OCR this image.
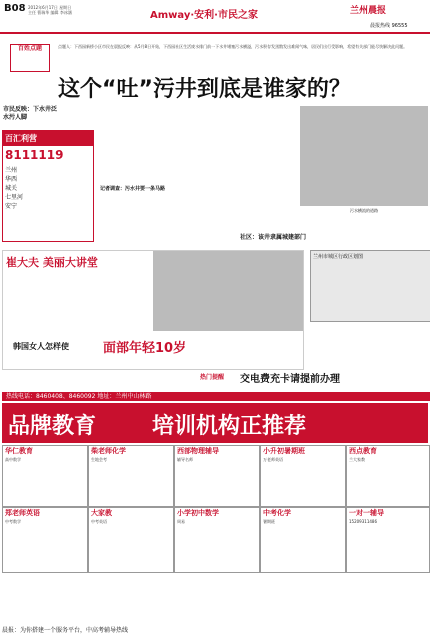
B08 2012年6月17日 星期日
主任 曹瑞华 编辑 李冰涵	Amway·安利·市民之家	兰州晨报
晨报热线 96555
百姓点题	点题人：下西园新桥小区市民在晨报反映：从5月8日开始，下西园社区生活废水排门前一下水井堵塞污水横溢，污水积存发黑散发出难闻气味，居民们出行受影响，希望有关部门能尽快解决此问题。
这个“吐”污井到底是谁家的？
市民反映：下水井泛水污人脚
百汇利营
8111119
兰州
华西
城关
七里河
安宁
记者调查：污水井要一条马路
污水横流的道路
社区：该井隶属城建部门
崔大夫 美丽大讲堂
韩国女人怎样使	面部年轻10岁
兰州市城区行政区划图
热门提醒 交电费充卡请提前办理
热线电话：8460408、8460092 地址：兰州中山林路
品牌教育	培训机构正推荐
华仁教育
高中数学
柴老师化学
生地会考
西部物理辅导
辅导名师
小升初暑期班
万老师英语
西点教育
兰大家教
郑老师英语
中考数学
大家教
中考英语
小学初中数学
周易
中考化学
暑期班
一对一辅导
15209311486
晨报：为你搭建一个服务平台，中高考辅导热线
